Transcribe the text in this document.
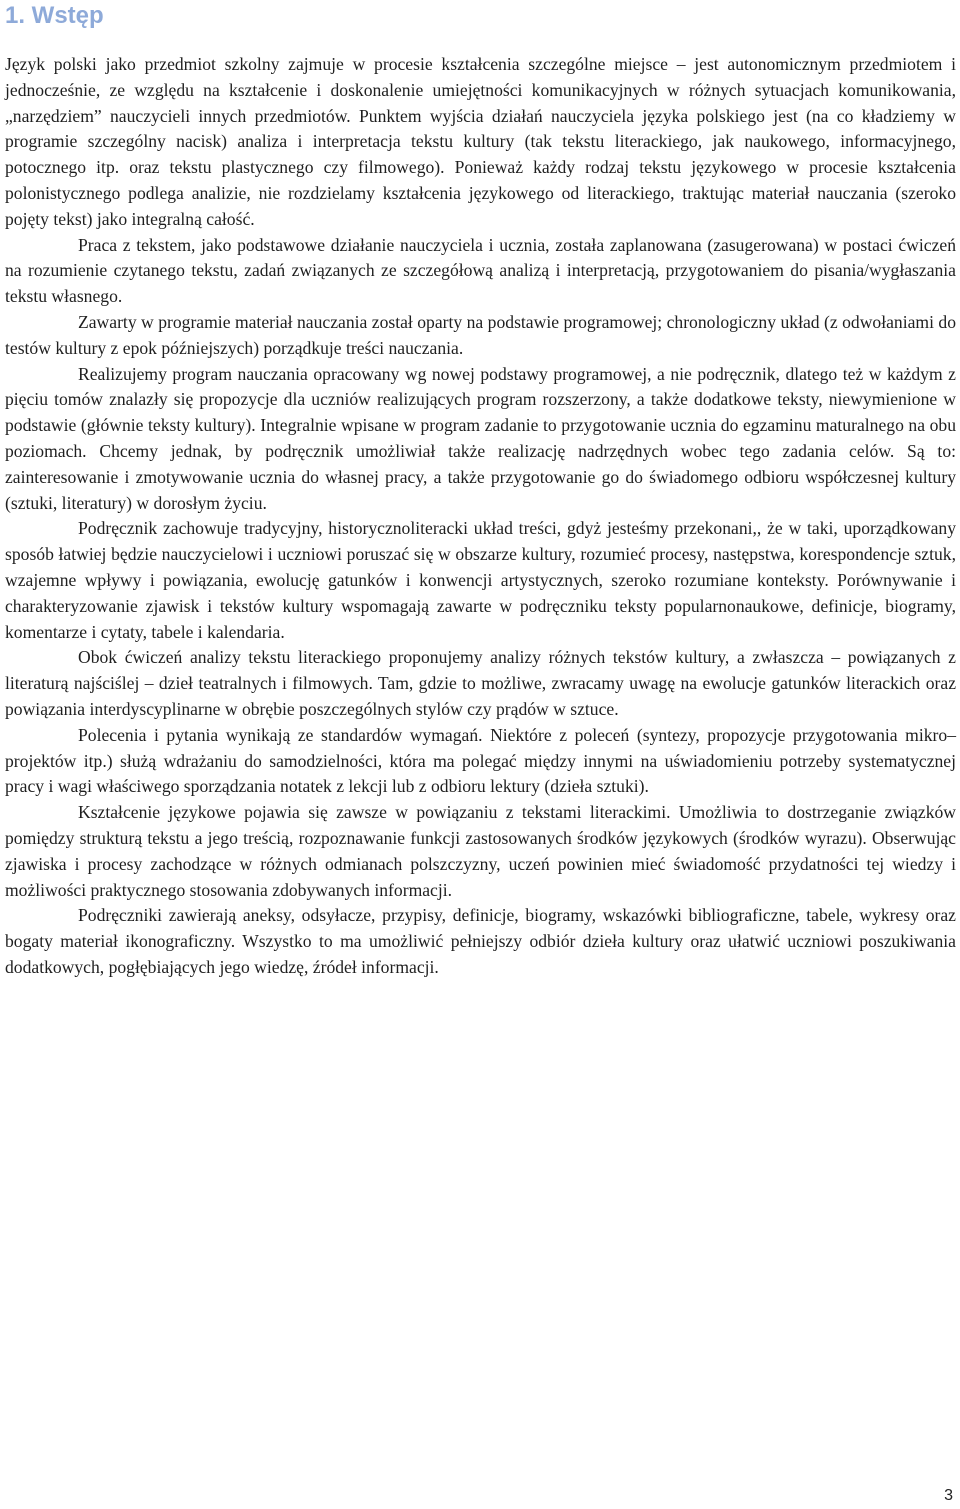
1. Wstęp

Język polski jako przedmiot szkolny zajmuje w procesie kształcenia szczególne miejsce – jest autonomicznym przedmiotem i jednocześnie, ze względu na kształcenie i doskonalenie umiejętności komunikacyjnych w różnych sytuacjach komunikowania, „narzędziem” nauczycieli innych przedmiotów. Punktem wyjścia działań nauczyciela języka polskiego jest (na co kładziemy w programie szczególny nacisk) analiza i interpretacja tekstu kultury (tak tekstu literackiego, jak naukowego, informacyjnego, potocznego itp. oraz tekstu plastycznego czy filmowego). Ponieważ każdy rodzaj tekstu językowego w procesie kształcenia polonistycznego podlega analizie, nie rozdzielamy kształcenia językowego od literackiego, traktując materiał nauczania (szeroko pojęty tekst) jako integralną całość.

Praca z tekstem, jako podstawowe działanie nauczyciela i ucznia, została zaplanowana (zasugerowana) w postaci ćwiczeń na rozumienie czytanego tekstu, zadań związanych ze szczegółową analizą i interpretacją, przygotowaniem do pisania/wygłaszania tekstu własnego.

Zawarty w programie materiał nauczania został oparty na podstawie programowej; chronologiczny układ (z odwołaniami do testów kultury z epok późniejszych) porządkuje treści nauczania.

Realizujemy program nauczania opracowany wg nowej podstawy programowej, a nie podręcznik, dlatego też w każdym z pięciu tomów znalazły się propozycje dla uczniów realizujących program rozszerzony, a także dodatkowe teksty, niewymienione w podstawie (głównie teksty kultury). Integralnie wpisane w program zadanie to przygotowanie ucznia do egzaminu maturalnego na obu poziomach. Chcemy jednak, by podręcznik umożliwiał także realizację nadrzędnych wobec tego zadania celów. Są to: zainteresowanie i zmotywowanie ucznia do własnej pracy, a także przygotowanie go do świadomego odbioru współczesnej kultury (sztuki, literatury) w dorosłym życiu.

Podręcznik zachowuje tradycyjny, historycznoliteracki układ treści, gdyż jesteśmy przekonani,, że w taki, uporządkowany sposób łatwiej będzie nauczycielowi i uczniowi poruszać się w obszarze kultury, rozumieć procesy, następstwa, korespondencje sztuk, wzajemne wpływy i powiązania, ewolucję gatunków i konwencji artystycznych, szeroko rozumiane konteksty. Porównywanie i charakteryzowanie zjawisk i tekstów kultury wspomagają zawarte w podręczniku teksty popularnonaukowe, definicje, biogramy, komentarze i cytaty, tabele i kalendaria.

Obok ćwiczeń analizy tekstu literackiego proponujemy analizy różnych tekstów kultury, a zwłaszcza – powiązanych z literaturą najściślej – dzieł teatralnych i filmowych. Tam, gdzie to możliwe, zwracamy uwagę na ewolucje gatunków literackich oraz powiązania interdyscyplinarne w obrębie poszczególnych stylów czy prądów w sztuce.

Polecenia i pytania wynikają ze standardów wymagań. Niektóre z poleceń (syntezy, propozycje przygotowania mikro– projektów itp.) służą wdrażaniu do samodzielności, która ma polegać między innymi na uświadomieniu potrzeby systematycznej pracy i wagi właściwego sporządzania notatek z lekcji lub z odbioru lektury (dzieła sztuki).

Kształcenie językowe pojawia się zawsze w powiązaniu z tekstami literackimi. Umożliwia to dostrzeganie związków pomiędzy strukturą tekstu a jego treścią, rozpoznawanie funkcji zastosowanych środków językowych (środków wyrazu). Obserwując zjawiska i procesy zachodzące w różnych odmianach polszczyzny, uczeń powinien mieć świadomość przydatności tej wiedzy i możliwości praktycznego stosowania zdobywanych informacji.

Podręczniki zawierają aneksy, odsyłacze, przypisy, definicje, biogramy, wskazówki bibliograficzne, tabele, wykresy oraz bogaty materiał ikonograficzny. Wszystko to ma umożliwić pełniejszy odbiór dzieła kultury oraz ułatwić uczniowi poszukiwania dodatkowych, pogłębiających jego wiedzę, źródeł informacji.

3
